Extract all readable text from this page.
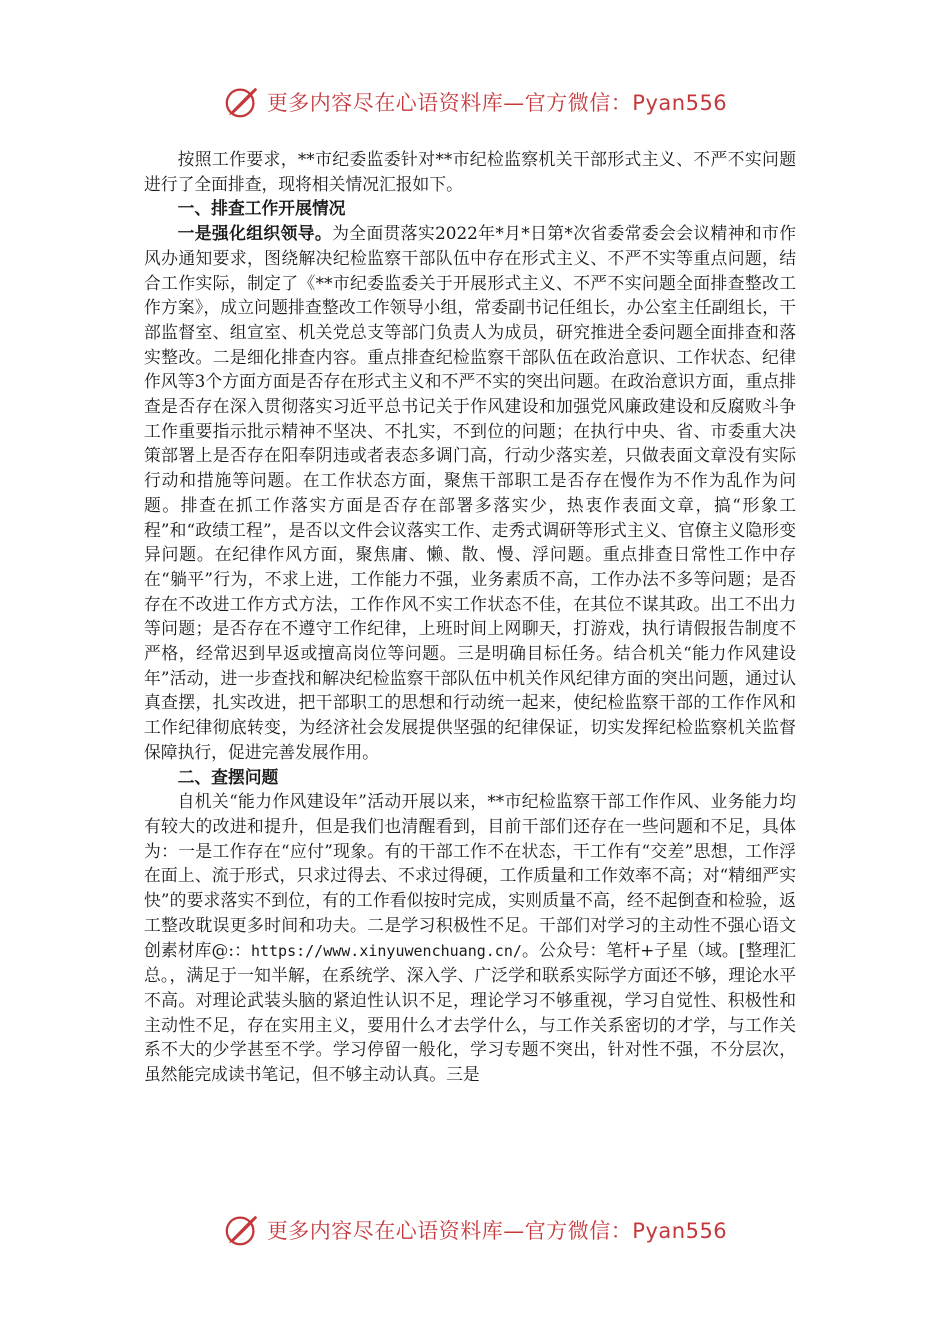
更多内容尽在心语资料库—官方微信：Pyan556

按照工作要求，**市纪委监委针对**市纪检监察机关干部形式主义、不严不实问题进行了全面排查，现将相关情况汇报如下。

一、排查工作开展情况

一是强化组织领导。为全面贯落实2022年*月*日第*次省委常委会会议精神和市作风办通知要求，图绕解决纪检监察干部队伍中存在形式主义、不严不实等重点问题，结合工作实际，制定了《**市纪委监委关于开展形式主义、不严不实问题全面排查整改工作方案》，成立问题排查整改工作领导小组，常委副书记任组长，办公室主任副组长，干部监督室、组宣室、机关党总支等部门负责人为成员，研究推进全委问题全面排查和落实整改。二是细化排查内容。重点排查纪检监察干部队伍在政治意识、工作状态、纪律作风等3个方面方面是否存在形式主义和不严不实的突出问题。在政治意识方面，重点排查是否存在深入贯彻落实习近平总书记关于作风建设和加强党风廉政建设和反腐败斗争工作重要指示批示精神不坚决、不扎实，不到位的问题；在执行中央、省、市委重大决策部署上是否存在阳奉阴违或者表态多调门高，行动少落实差，只做表面文章没有实际行动和措施等问题。在工作状态方面，聚焦干部职工是否存在慢作为不作为乱作为问题。排查在抓工作落实方面是否存在部署多落实少，热衷作表面文章，搞“形象工程”和“政绩工程”，是否以文件会议落实工作、走秀式调研等形式主义、官僚主义隐形变异问题。在纪律作风方面，聚焦庸、懒、散、慢、浮问题。重点排查日常性工作中存在“躺平”行为，不求上进，工作能力不强，业务素质不高，工作办法不多等问题；是否存在不改进工作方式方法，工作作风不实工作状态不佳，在其位不谋其政。出工不出力等问题；是否存在不遵守工作纪律，上班时间上网聊天，打游戏，执行请假报告制度不严格，经常迟到早返或擅高岗位等问题。三是明确目标任务。结合机关“能力作风建设年”活动，进一步查找和解决纪检监察干部队伍中机关作风纪律方面的突出问题，通过认真查摆，扎实改进，把干部职工的思想和行动统一起来，使纪检监察干部的工作作风和工作纪律彻底转变，为经济社会发展提供坚强的纪律保证，切实发挥纪检监察机关监督保障执行，促进完善发展作用。

二、查摆问题

自机关“能力作风建设年”活动开展以来，**市纪检监察干部工作作风、业务能力均有较大的改进和提升，但是我们也清醒看到，目前干部们还存在一些问题和不足，具体为：一是工作存在“应付”现象。有的干部工作不在状态，干工作有“交差”思想，工作浮在面上、流于形式，只求过得去、不求过得硬，工作质量和工作效率不高；对“精细严实快”的要求落实不到位，有的工作看似按时完成，实则质量不高，经不起倒查和检验，返工整改耽误更多时间和功夫。二是学习积极性不足。干部们对学习的主动性不强心语文创素材库@:：https://www.xinyuwenchuang.cn/。公众号：笔杆+子星（域。[整理汇总。，满足于一知半解，在系统学、深入学、广泛学和联系实际学方面还不够，理论水平不高。对理论武装头脑的紧迫性认识不足，理论学习不够重视，学习自觉性、积极性和主动性不足，存在实用主义，要用什么才去学什么，与工作关系密切的才学，与工作关系不大的少学甚至不学。学习停留一般化，学习专题不突出，针对性不强，不分层次，虽然能完成读书笔记，但不够主动认真。三是

更多内容尽在心语资料库—官方微信：Pyan556
